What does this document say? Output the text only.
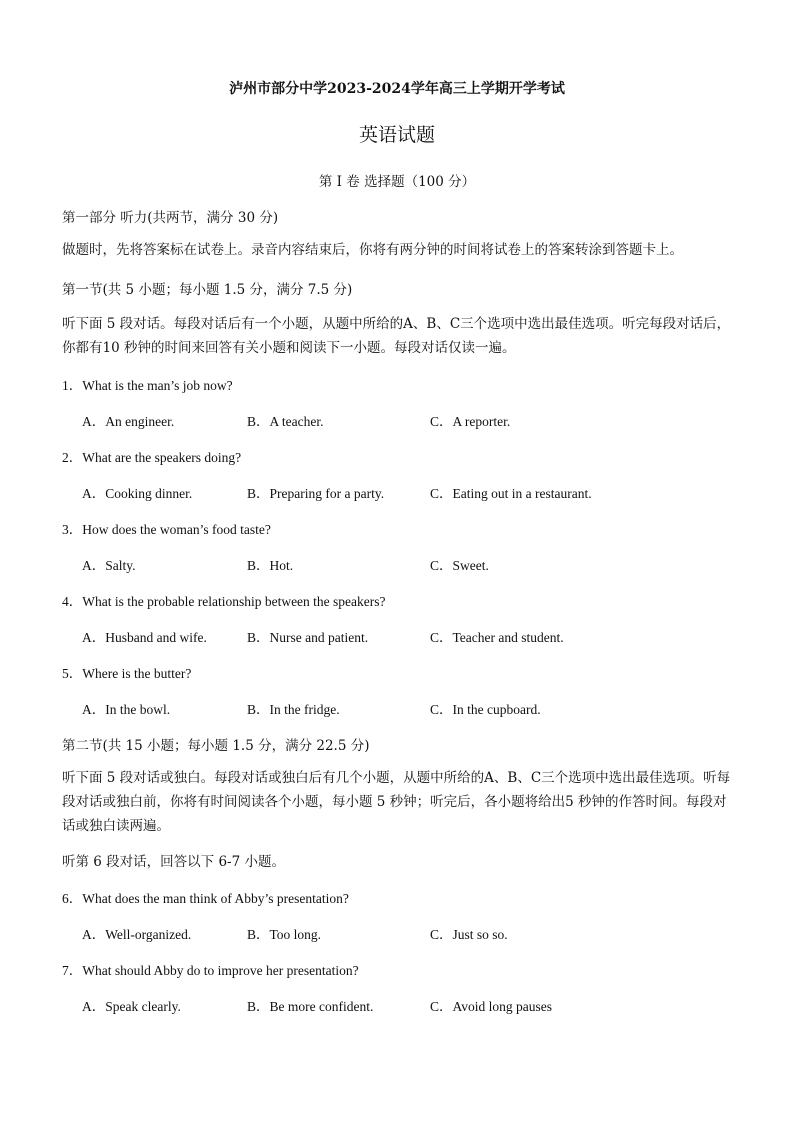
泸州市部分中学2023-2024学年高三上学期开学考试
英语试题
第 I 卷 选择题（100 分）
第一部分 听力(共两节，满分 30 分)
做题时，先将答案标在试卷上。录音内容结束后，你将有两分钟的时间将试卷上的答案转涂到答题卡上。
第一节(共 5 小题；每小题 1.5 分，满分 7.5 分)
听下面 5 段对话。每段对话后有一个小题，从题中所给的A、B、C三个选项中选出最佳选项。听完每段对话后，你都有10 秒钟的时间来回答有关小题和阅读下一小题。每段对话仅读一遍。
1．What is the man’s job now?
A．An engineer.	B．A teacher.	C．A reporter.
2．What are the speakers doing?
A．Cooking dinner.	B．Preparing for a party.	C．Eating out in a restaurant.
3．How does the woman’s food taste?
A．Salty.	B．Hot.	C．Sweet.
4．What is the probable relationship between the speakers?
A．Husband and wife.	B．Nurse and patient.	C．Teacher and student.
5．Where is the butter?
A．In the bowl.	B．In the fridge.	C．In the cupboard.
第二节(共 15 小题；每小题 1.5 分，满分 22.5 分)
听下面 5 段对话或独白。每段对话或独白后有几个小题，从题中所给的A、B、C三个选项中选出最佳选项。听每段对话或独白前，你将有时间阅读各个小题，每小题 5 秒钟；听完后，各小题将给出5 秒钟的作答时间。每段对话或独白读两遍。
听第 6 段对话，回答以下 6-7 小题。
6．What does the man think of Abby’s presentation?
A．Well-organized.	B．Too long.	C．Just so so.
7．What should Abby do to improve her presentation?
A．Speak clearly.	B．Be more confident.	C．Avoid long pauses
